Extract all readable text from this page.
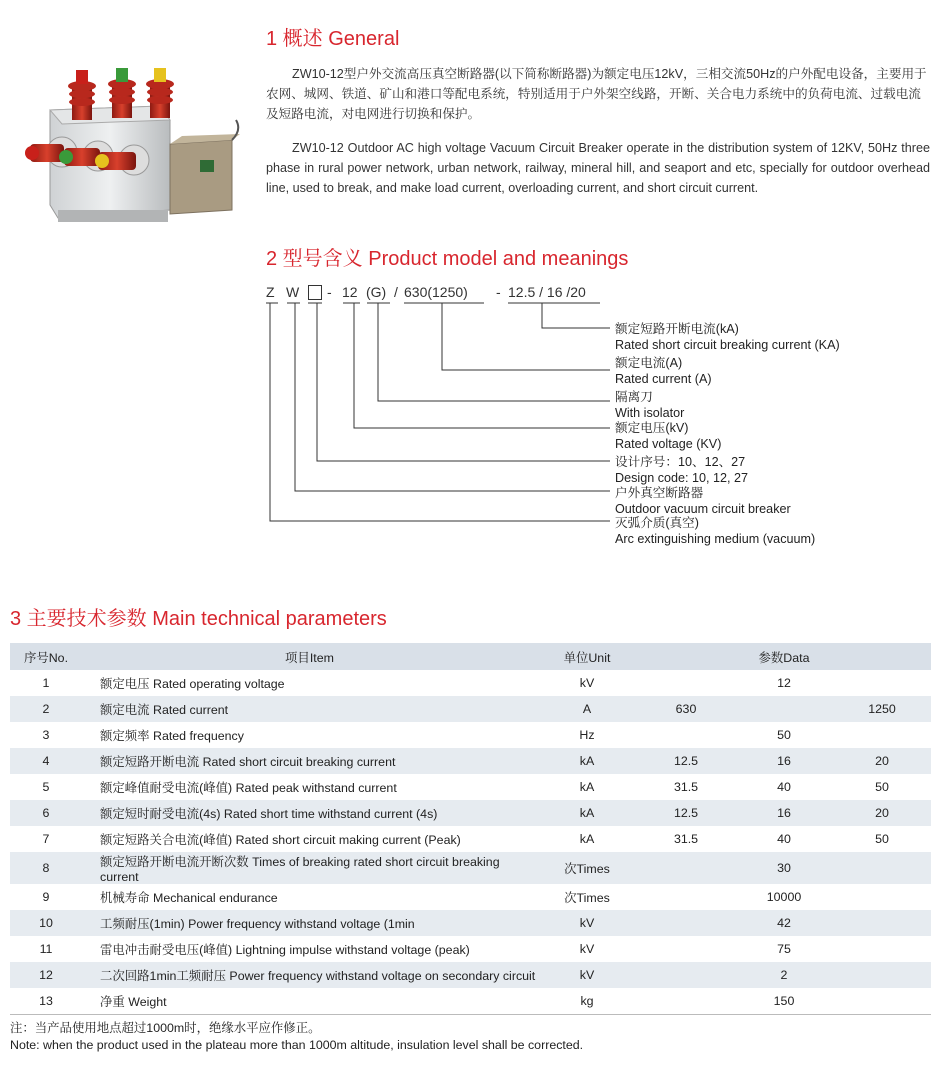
1 概述 General
ZW10-12型户外交流高压真空断路器(以下简称断路器)为额定电压12kV，三相交流50Hz的户外配电设备，主要用于农网、城网、铁道、矿山和港口等配电系统，特别适用于户外架空线路，开断、关合电力系统中的负荷电流、过载电流及短路电流，对电网进行切换和保护。
ZW10-12 Outdoor AC high voltage Vacuum Circuit Breaker operate in the distribution system of 12KV, 50Hz three phase in rural power network, urban network, railway, mineral hill, and seaport and etc, specially for outdoor overhead line, used to break, and make load current, overloading current, and short circuit current.
2 型号含义 Product model and meanings
Z W - 12 (G) / 630(1250) - 12.5 / 16 /20
额定短路开断电流(kA)
Rated short circuit breaking current (KA)
额定电流(A)
Rated current (A)
隔离刀
With isolator
额定电压(kV)
Rated voltage (KV)
设计序号：10、12、27
Design code: 10, 12, 27
户外真空断路器
Outdoor vacuum circuit breaker
灭弧介质(真空)
Arc extinguishing medium (vacuum)
3 主要技术参数 Main technical parameters
序号No.	项目Item	单位Unit	参数Data		
1	额定电压 Rated operating voltage	kV		12	
2	额定电流 Rated current	A	630		1250
3	额定频率 Rated frequency	Hz		50	
4	额定短路开断电流 Rated short circuit breaking current	kA	12.5	16	20
5	额定峰值耐受电流(峰值) Rated peak withstand current	kA	31.5	40	50
6	额定短时耐受电流(4s) Rated short time withstand current (4s)	kA	12.5	16	20
7	额定短路关合电流(峰值) Rated short circuit making current (Peak)	kA	31.5	40	50
8	额定短路开断电流开断次数 Times of breaking rated short circuit breaking current	次Times		30	
9	机械寿命 Mechanical endurance	次Times		10000	
10	工频耐压(1min) Power frequency withstand voltage (1min	kV		42	
11	雷电冲击耐受电压(峰值) Lightning impulse withstand voltage (peak)	kV		75	
12	二次回路1min工频耐压 Power frequency withstand voltage on secondary circuit	kV		2	
13	净重 Weight	kg		150	
注：当产品使用地点超过1000m时，绝缘水平应作修正。
Note: when the product used in the plateau more than 1000m altitude, insulation level shall be corrected.
